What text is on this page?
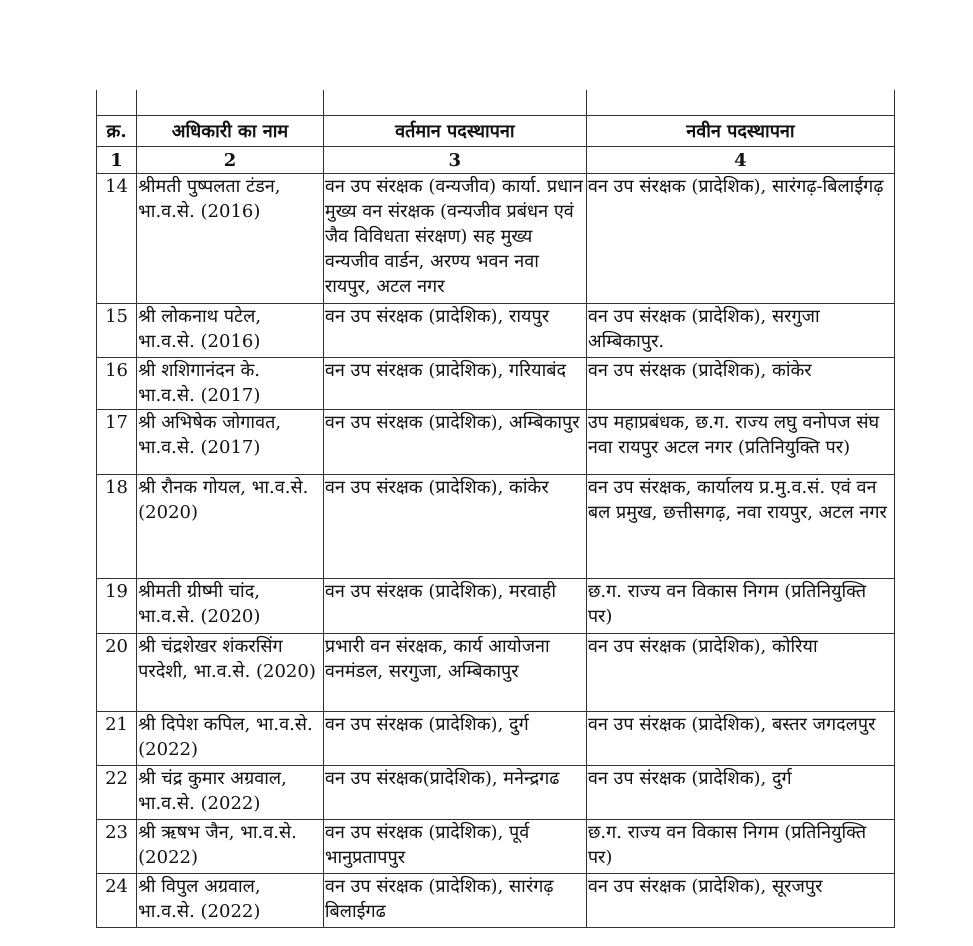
क्र.	अधिकारी का नाम	वर्तमान पदस्थापना	नवीन पदस्थापना
1	2	3	4
14	श्रीमती पुष्पलता टंडन, भा.व.से. (2016)	वन उप संरक्षक (वन्यजीव) कार्या. प्रधान मुख्य वन संरक्षक (वन्यजीव प्रबंधन एवं जैव विविधता संरक्षण) सह मुख्य वन्यजीव वार्डन, अरण्य भवन नवा रायपुर, अटल नगर	वन उप संरक्षक (प्रादेशिक), सारंगढ़-बिलाईगढ़
15	श्री लोकनाथ पटेल, भा.व.से. (2016)	वन उप संरक्षक (प्रादेशिक), रायपुर	वन उप संरक्षक (प्रादेशिक), सरगुजा अम्बिकापुर.
16	श्री शशिगानंदन के. भा.व.से. (2017)	वन उप संरक्षक (प्रादेशिक), गरियाबंद	वन उप संरक्षक (प्रादेशिक), कांकेर
17	श्री अभिषेक जोगावत, भा.व.से. (2017)	वन उप संरक्षक (प्रादेशिक), अम्बिकापुर	उप महाप्रबंधक, छ.ग. राज्य लघु वनोपज संघ नवा रायपुर अटल नगर (प्रतिनियुक्ति पर)
18	श्री रौनक गोयल, भा.व.से. (2020)	वन उप संरक्षक (प्रादेशिक), कांकेर	वन उप संरक्षक, कार्यालय प्र.मु.व.सं. एवं वन बल प्रमुख, छत्तीसगढ़, नवा रायपुर, अटल नगर
19	श्रीमती ग्रीष्मी चांद, भा.व.से. (2020)	वन उप संरक्षक (प्रादेशिक), मरवाही	छ.ग. राज्य वन विकास निगम (प्रतिनियुक्ति पर)
20	श्री चंद्रशेखर शंकरसिंग परदेशी, भा.व.से. (2020)	प्रभारी वन संरक्षक, कार्य आयोजना वनमंडल, सरगुजा, अम्बिकापुर	वन उप संरक्षक (प्रादेशिक), कोरिया
21	श्री दिपेश कपिल, भा.व.से. (2022)	वन उप संरक्षक (प्रादेशिक), दुर्ग	वन उप संरक्षक (प्रादेशिक), बस्तर जगदलपुर
22	श्री चंद्र कुमार अग्रवाल, भा.व.से. (2022)	वन उप संरक्षक(प्रादेशिक), मनेन्द्रगढ	वन उप संरक्षक (प्रादेशिक), दुर्ग
23	श्री ऋषभ जैन, भा.व.से. (2022)	वन उप संरक्षक (प्रादेशिक), पूर्व भानुप्रतापपुर	छ.ग. राज्य वन विकास निगम (प्रतिनियुक्ति पर)
24	श्री विपुल अग्रवाल, भा.व.से. (2022)	वन उप संरक्षक (प्रादेशिक), सारंगढ़ बिलाईगढ	वन उप संरक्षक (प्रादेशिक), सूरजपुर
